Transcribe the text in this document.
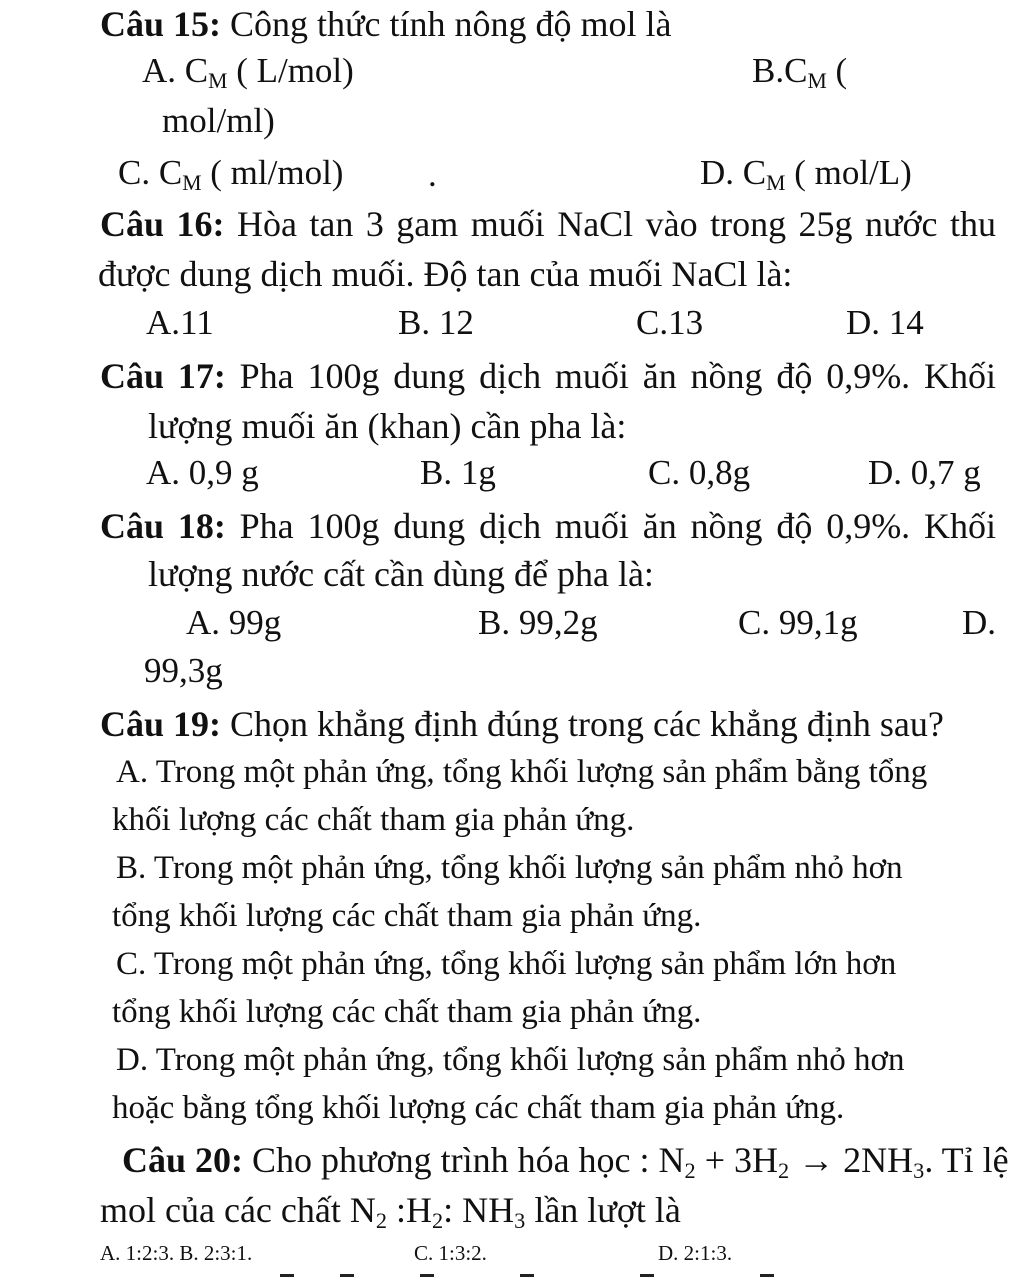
Câu 15: Công thức tính nông độ mol là
A. $C_M$ ( L/mol)	$B.C_M$ (
mol/ml)
C. $C_M$ ( ml/mol) .	D. $C_M$ ( mol/L)
Câu 16: Hòa tan 3 gam muối NaCl vào trong 25g nước thu
được dung dịch muối. Độ tan của muối NaCl là:
A.11	B. 12	C.13	D. 14
Câu 17: Pha 100g dung dịch muối ăn nồng độ 0,9%. Khối
lượng muối ăn (khan) cần pha là:
A. 0,9 g	B. 1g	C. 0,8g	D. 0,7 g
Câu 18: Pha 100g dung dịch muối ăn nồng độ 0,9%. Khối
lượng nước cất cần dùng để pha là:
A. 99g	B. 99,2g	C. 99,1g	D.
99,3g
Câu 19: Chọn khẳng định đúng trong các khẳng định sau?
A. Trong một phản ứng, tổng khối lượng sản phẩm bằng tổng
khối lượng các chất tham gia phản ứng.
B. Trong một phản ứng, tổng khối lượng sản phẩm nhỏ hơn
tổng khối lượng các chất tham gia phản ứng.
C. Trong một phản ứng, tổng khối lượng sản phẩm lớn hơn
tổng khối lượng các chất tham gia phản ứng.
D. Trong một phản ứng, tổng khối lượng sản phẩm nhỏ hơn
hoặc bằng tổng khối lượng các chất tham gia phản ứng.
Câu 20: Cho phương trình hóa học : $N_2 + 3H_2 \to 2NH_3$. Tỉ lệ
mol của các chất $N_2$ $:H_2$: $NH_3$ lần lượt là
A. 1:2:3. B. 2:3:1.	C. 1:3:2.	D. 2:1:3.
